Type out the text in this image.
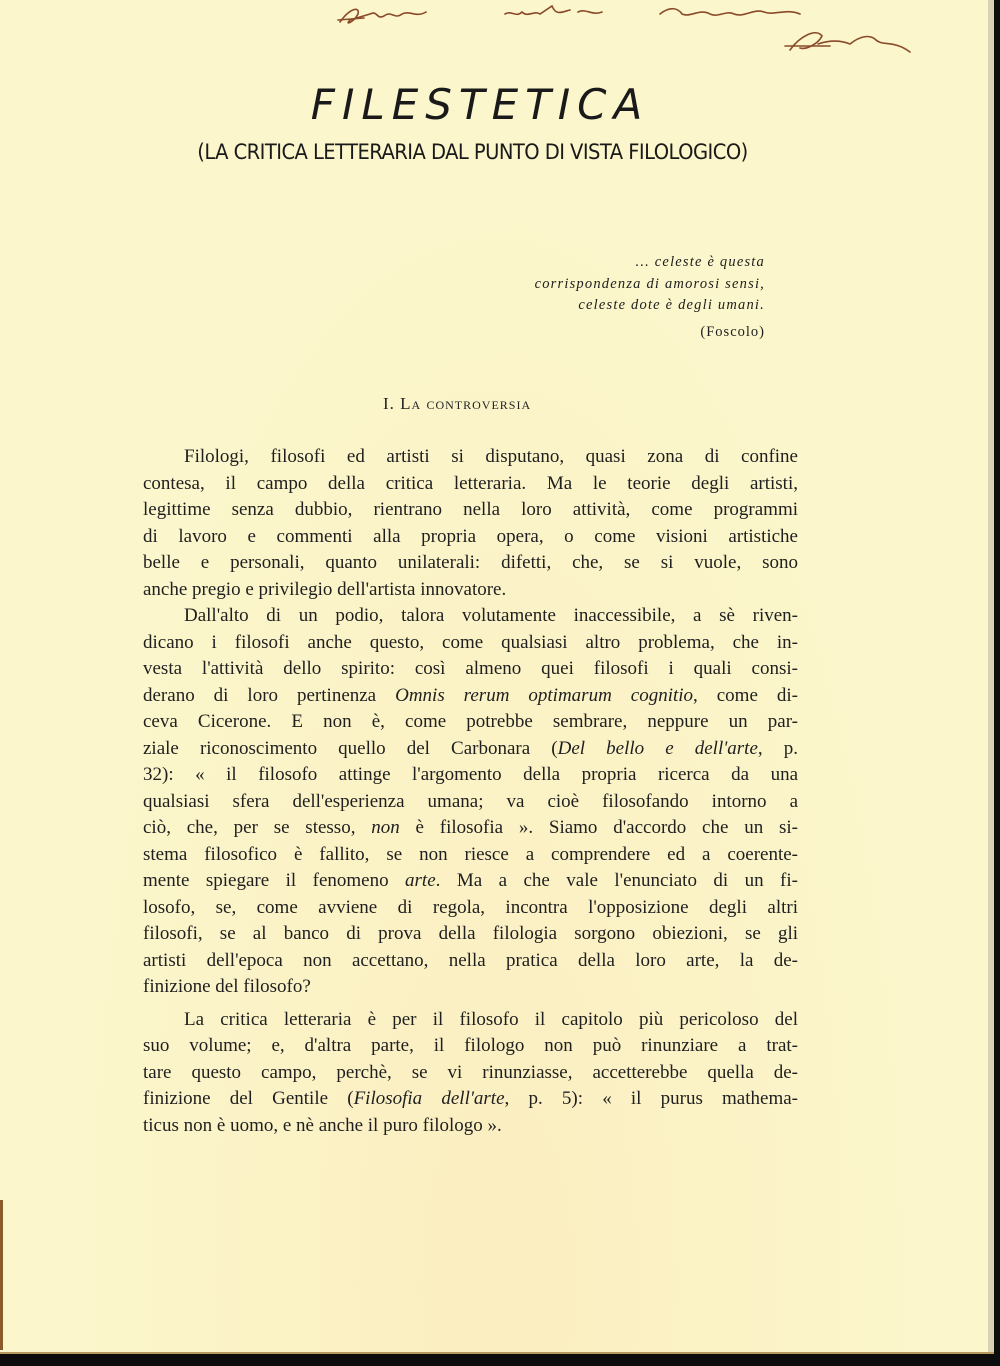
FILESTETICA
(LA CRITICA LETTERARIA DAL PUNTO DI VISTA FILOLOGICO)
... celeste è questa
corrispondenza di amorosi sensi,
celeste dote è degli umani.
(Foscolo)
I. La controversia
Filologi, filosofi ed artisti si disputano, quasi zona di confine
contesa, il campo della critica letteraria. Ma le teorie degli artisti,
legittime senza dubbio, rientrano nella loro attività, come programmi
di lavoro e commenti alla propria opera, o come visioni artistiche
belle e personali, quanto unilaterali: difetti, che, se si vuole, sono
anche pregio e privilegio dell'artista innovatore.
Dall'alto di un podio, talora volutamente inaccessibile, a sè riven-
dicano i filosofi anche questo, come qualsiasi altro problema, che in-
vesta l'attività dello spirito: così almeno quei filosofi i quali consi-
derano di loro pertinenza Omnis rerum optimarum cognitio, come di-
ceva Cicerone. E non è, come potrebbe sembrare, neppure un par-
ziale riconoscimento quello del Carbonara (Del bello e dell'arte, p.
32): « il filosofo attinge l'argomento della propria ricerca da una
qualsiasi sfera dell'esperienza umana; va cioè filosofando intorno a
ciò, che, per se stesso, non è filosofia ». Siamo d'accordo che un si-
stema filosofico è fallito, se non riesce a comprendere ed a coerente-
mente spiegare il fenomeno arte. Ma a che vale l'enunciato di un fi-
losofo, se, come avviene di regola, incontra l'opposizione degli altri
filosofi, se al banco di prova della filologia sorgono obiezioni, se gli
artisti dell'epoca non accettano, nella pratica della loro arte, la de-
finizione del filosofo?
La critica letteraria è per il filosofo il capitolo più pericoloso del
suo volume; e, d'altra parte, il filologo non può rinunziare a trat-
tare questo campo, perchè, se vi rinunziasse, accetterebbe quella de-
finizione del Gentile (Filosofia dell'arte, p. 5): « il purus mathema-
ticus non è uomo, e nè anche il puro filologo ».
